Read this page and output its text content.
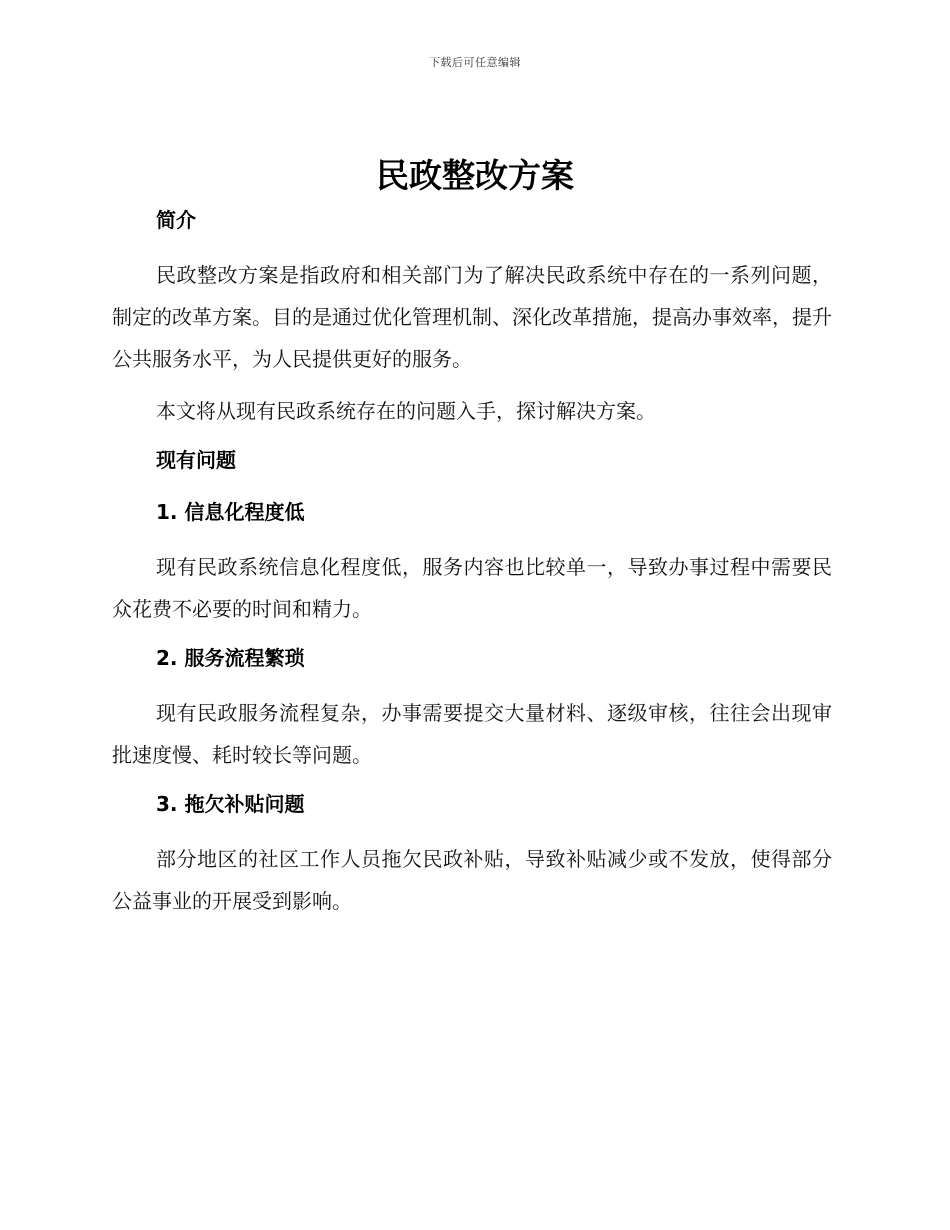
下载后可任意编辑
民政整改方案
简介

民政整改方案是指政府和相关部门为了解决民政系统中存在的一系列问题，制定的改革方案。目的是通过优化管理机制、深化改革措施，提高办事效率，提升公共服务水平，为人民提供更好的服务。

本文将从现有民政系统存在的问题入手，探讨解决方案。

现有问题
1. 信息化程度低

现有民政系统信息化程度低，服务内容也比较单一，导致办事过程中需要民众花费不必要的时间和精力。

2. 服务流程繁琐

现有民政服务流程复杂，办事需要提交大量材料、逐级审核，往往会出现审批速度慢、耗时较长等问题。

3. 拖欠补贴问题

部分地区的社区工作人员拖欠民政补贴，导致补贴减少或不发放，使得部分公益事业的开展受到影响。
